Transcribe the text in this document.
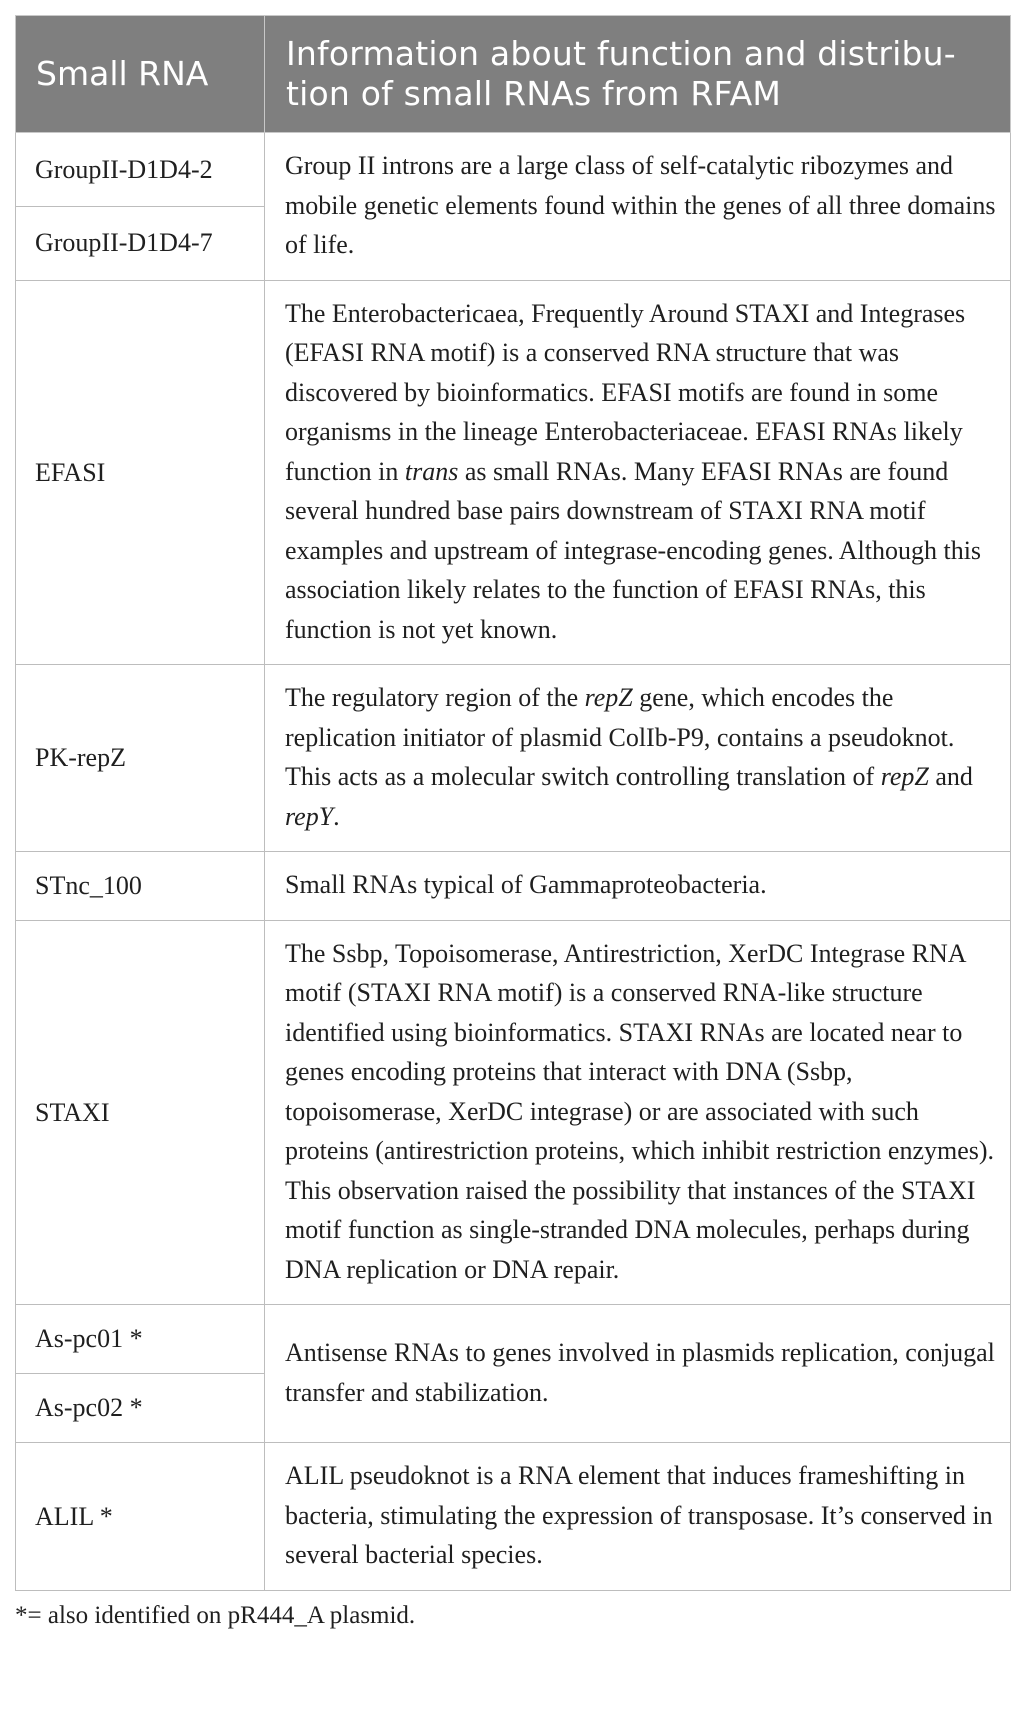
Small RNA	Information about function and distribu-
tion of small RNAs from RFAM
GroupII-D1D4-2	Group II introns are a large class of self-catalytic ribozymes and mobile genetic elements found within the genes of all three domains of life.

GroupII-D1D4-7	
EFASI	The Enterobactericaea, Frequently Around STAXI and Integrases (EFASI RNA motif) is a conserved RNA structure that was discovered by bioinformatics. EFASI motifs are found in some organisms in the lineage Enterobacteriaceae. EFASI RNAs likely function in trans as small RNAs. Many EFASI RNAs are found several hundred base pairs downstream of STAXI RNA motif examples and upstream of integrase-encoding genes. Although this association likely relates to the function of EFASI RNAs, this function is not yet known.

PK-repZ	The regulatory region of the repZ gene, which encodes the replication initiator of plasmid ColIb-P9, contains a pseudoknot. This acts as a molecular switch controlling translation of repZ and repY.

STnc_100	Small RNAs typical of Gammaproteobacteria.

STAXI	The Ssbp, Topoisomerase, Antirestriction, XerDC Integrase RNA motif (STAXI RNA motif) is a conserved RNA-like structure identified using bioinformatics. STAXI RNAs are located near to genes encoding proteins that interact with DNA (Ssbp, topoisomerase, XerDC integrase) or are associated with such proteins (antirestriction proteins, which inhibit restriction enzymes). This observation raised the possibility that instances of the STAXI motif function as single-stranded DNA molecules, perhaps during DNA replication or DNA repair.

As-pc01 *	Antisense RNAs to genes involved in plasmids replication, conjugal transfer and stabilization.

As-pc02 *	
ALIL *	ALIL pseudoknot is a RNA element that induces frameshifting in bacteria, stimulating the expression of transposase. It’s conserved in several bacterial species.
*= also identified on pR444_A plasmid.
